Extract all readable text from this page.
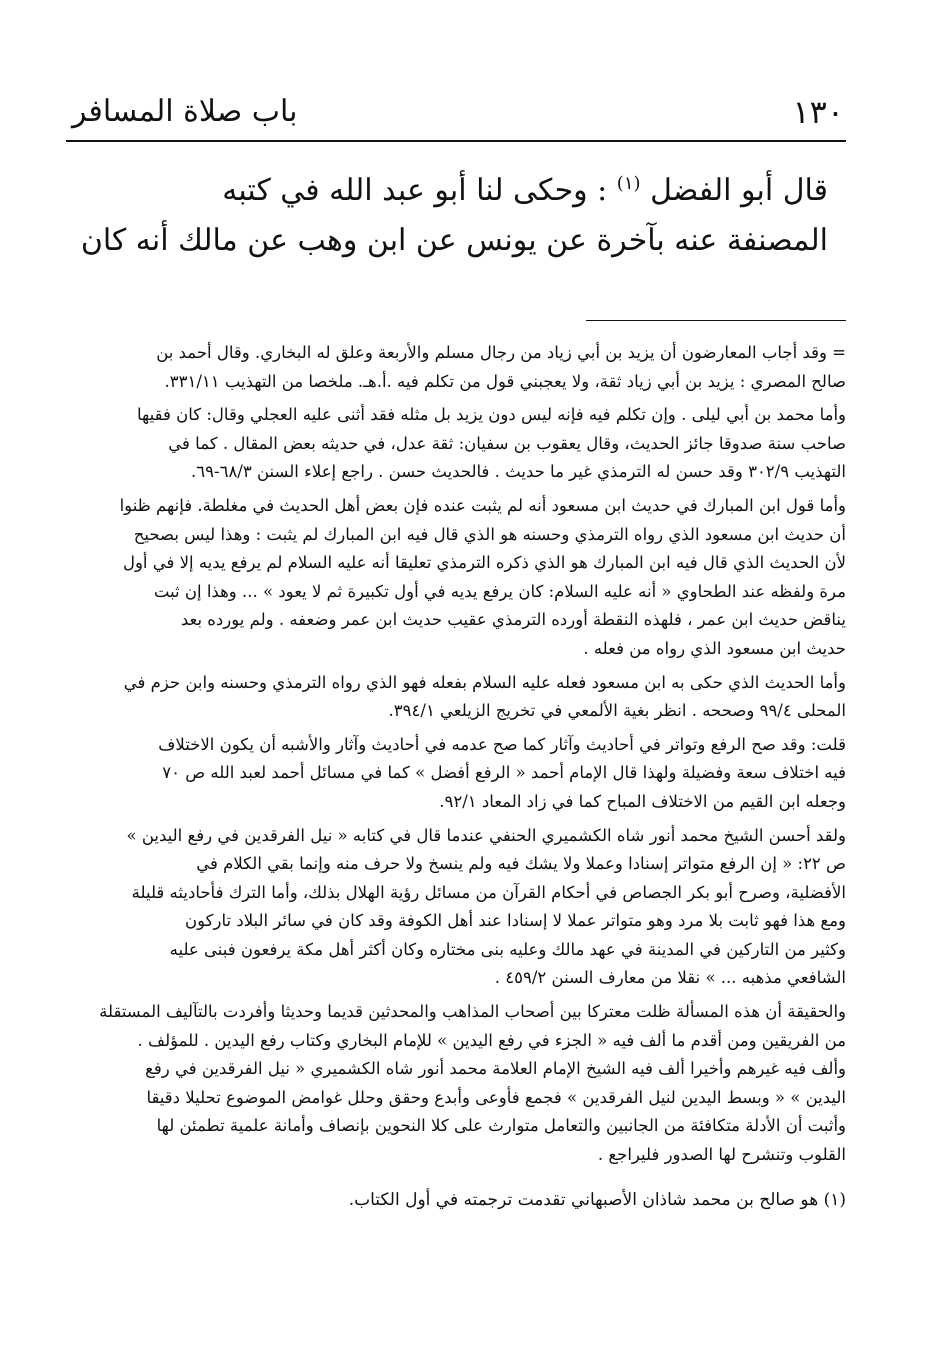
١٣٠
باب صلاة المسافر
قال أبو الفضل $^{(١)}$ : وحكى لنا أبو عبد الله في كتبه
المصنفة عنه بآخرة عن يونس عن ابن وهب عن مالك أنه كان
= وقد أجاب المعارضون أن يزيد بن أبي زياد من رجال مسلم والأربعة وعلق له البخاري. وقال أحمد بن
صالح المصري : يزيد بن أبي زياد ثقة، ولا يعجبني قول من تكلم فيه .أ.هـ. ملخصا من التهذيب ٣٣١/١١.
وأما محمد بن أبي ليلى . وإن تكلم فيه فإنه ليس دون يزيد بل مثله فقد أثنى عليه العجلي وقال: كان فقيها
صاحب سنة صدوقا جائز الحديث، وقال يعقوب بن سفيان: ثقة عدل، في حديثه بعض المقال . كما في
التهذيب ٣٠٢/٩ وقد حسن له الترمذي غير ما حديث . فالحديث حسن . راجع إعلاء السنن ٦٨/٣-٦٩.
وأما قول ابن المبارك في حديث ابن مسعود أنه لم يثبت عنده فإن بعض أهل الحديث في مغلطة. فإنهم ظنوا
أن حديث ابن مسعود الذي رواه الترمذي وحسنه هو الذي قال فيه ابن المبارك لم يثبت : وهذا ليس بصحيح
لأن الحديث الذي قال فيه ابن المبارك هو الذي ذكره الترمذي تعليقا أنه عليه السلام لم يرفع يديه إلا في أول
مرة ولفظه عند الطحاوي « أنه عليه السلام: كان يرفع يديه في أول تكبيرة ثم لا يعود » ... وهذا إن ثبت
يناقض حديث ابن عمر ، فلهذه النقطة أورده الترمذي عقيب حديث ابن عمر وضعفه . ولم يورده بعد
حديث ابن مسعود الذي رواه من فعله .
وأما الحديث الذي حكى به ابن مسعود فعله عليه السلام بفعله فهو الذي رواه الترمذي وحسنه وابن حزم في
المحلى ٩٩/٤ وصححه . انظر بغية الألمعي في تخريج الزيلعي ٣٩٤/١.
قلت: وقد صح الرفع وتواتر في أحاديث وآثار كما صح عدمه في أحاديث وآثار والأشبه أن يكون الاختلاف
فيه اختلاف سعة وفضيلة ولهذا قال الإمام أحمد « الرفع أفضل » كما في مسائل أحمد لعبد الله ص ٧٠
وجعله ابن القيم من الاختلاف المباح كما في زاد المعاد ٩٢/١.
ولقد أحسن الشيخ محمد أنور شاه الكشميري الحنفي عندما قال في كتابه « نيل الفرقدين في رفع اليدين »
ص ٢٢: « إن الرفع متواتر إسنادا وعملا ولا يشك فيه ولم ينسخ ولا حرف منه وإنما بقي الكلام في
الأفضلية، وصرح أبو بكر الجصاص في أحكام القرآن من مسائل رؤية الهلال بذلك، وأما الترك فأحاديثه قليلة
ومع هذا فهو ثابت بلا مرد وهو متواتر عملا لا إسنادا عند أهل الكوفة وقد كان في سائر البلاد تاركون
وكثير من التاركين في المدينة في عهد مالك وعليه بنى مختاره وكان أكثر أهل مكة يرفعون فبنى عليه
الشافعي مذهبه ... » نقلا من معارف السنن ٤٥٩/٢ .
والحقيقة أن هذه المسألة ظلت معتركا بين أصحاب المذاهب والمحدثين قديما وحديثا وأفردت بالتآليف المستقلة
من الفريقين ومن أقدم ما ألف فيه « الجزء في رفع اليدين » للإمام البخاري وكتاب رفع اليدين . للمؤلف .
وألف فيه غيرهم وأخيرا ألف فيه الشيخ الإمام العلامة محمد أنور شاه الكشميري « نيل الفرقدين في رفع
اليدين » « وبسط اليدين لنيل الفرقدين » فجمع فأوعى وأبدع وحقق وحلل غوامض الموضوع تحليلا دقيقا
وأثبت أن الأدلة متكافئة من الجانبين والتعامل متوارث على كلا النحوين بإنصاف وأمانة علمية تطمئن لها
القلوب وتنشرح لها الصدور فليراجع .
(١) هو صالح بن محمد شاذان الأصبهاني تقدمت ترجمته في أول الكتاب.
